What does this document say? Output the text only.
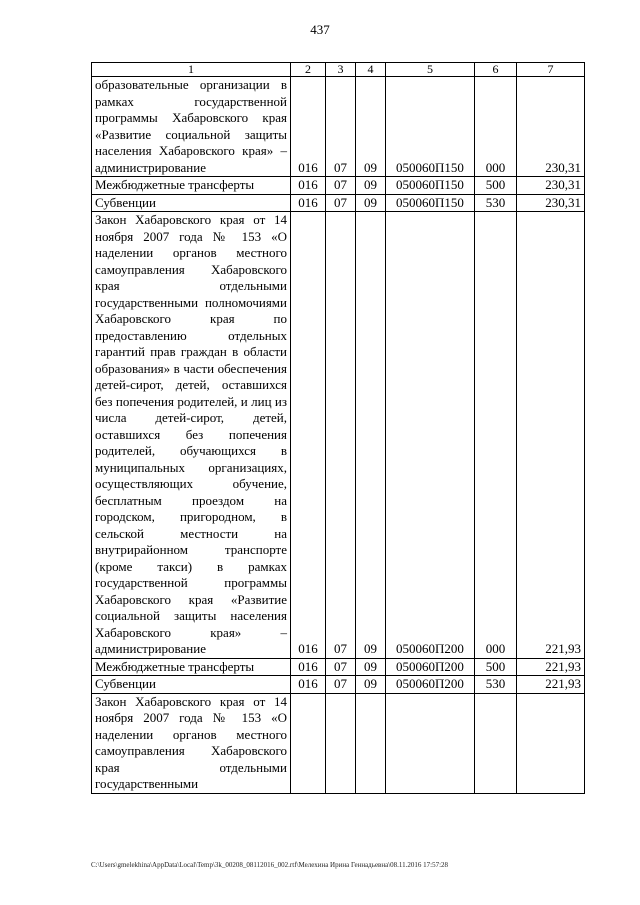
437
1	2	3	4	5	6	7
образовательные организации в рамках государственной программы Хабаровского края «Развитие социальной защиты населения Хабаровского края» – администрирование	016	07	09	050060П150	000	230,31
Межбюджетные трансферты	016	07	09	050060П150	500	230,31
Субвенции	016	07	09	050060П150	530	230,31
Закон Хабаровского края от 14 ноября 2007 года № 153 «О наделении органов местного самоуправления Хабаровского края отдельными государственными полномочиями Хабаровского края по предоставлению отдельных гарантий прав граждан в области образования» в части обеспечения детей-сирот, детей, оставшихся без попечения родителей, и лиц из числа детей-сирот, детей, оставшихся без попечения родителей, обучающихся в муниципальных организациях, осуществляющих обучение, бесплатным проездом на городском, пригородном, в сельской местности на внутрирайонном транспорте (кроме такси) в рамках государственной программы Хабаровского края «Развитие социальной защиты населения Хабаровского края» – администрирование	016	07	09	050060П200	000	221,93
Межбюджетные трансферты	016	07	09	050060П200	500	221,93
Субвенции	016	07	09	050060П200	530	221,93
Закон Хабаровского края от 14 ноября 2007 года № 153 «О наделении органов местного самоуправления Хабаровского края отдельными государственными						
C:\Users\gmelekhina\AppData\Local\Temp\3k_00208_08112016_002.rtf\Мелехина Ирина Геннадьевна\08.11.2016 17:57:28
